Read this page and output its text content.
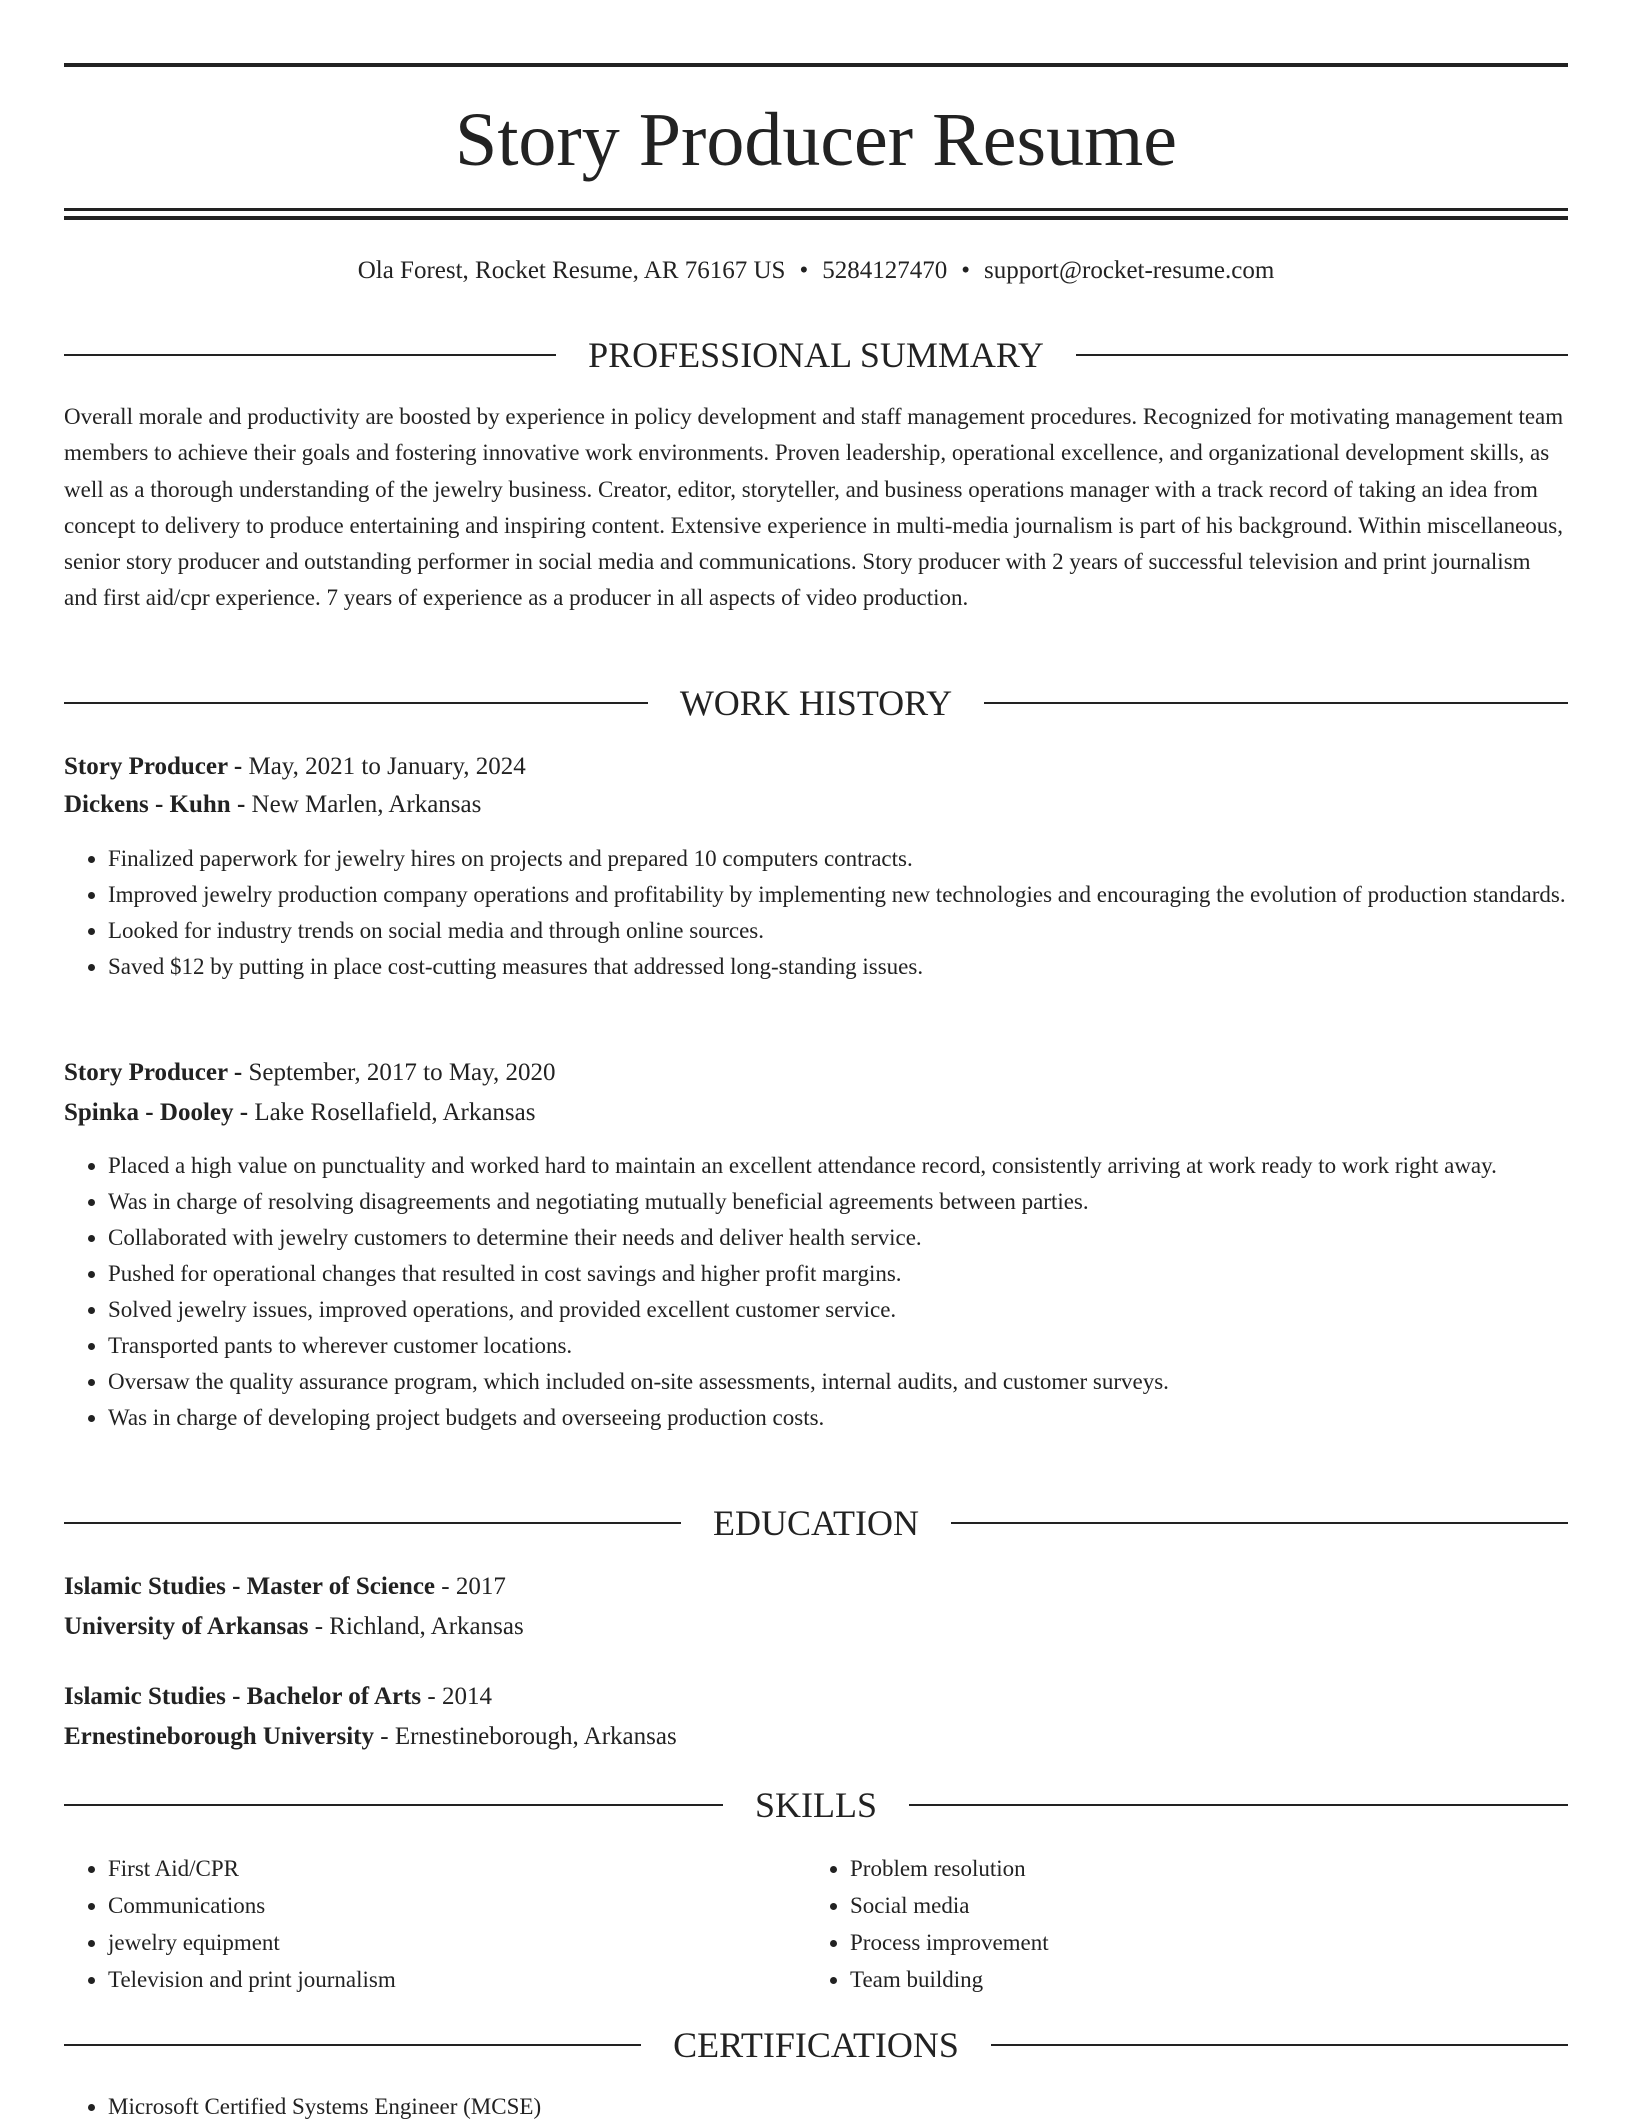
Story Producer Resume
Ola Forest, Rocket Resume, AR 76167 US • 5284127470 • support@rocket-resume.com
PROFESSIONAL SUMMARY

Overall morale and productivity are boosted by experience in policy development and staff management procedures. Recognized for motivating management team members to achieve their goals and fostering innovative work environments. Proven leadership, operational excellence, and organizational development skills, as well as a thorough understanding of the jewelry business. Creator, editor, storyteller, and business operations manager with a track record of taking an idea from concept to delivery to produce entertaining and inspiring content. Extensive experience in multi-media journalism is part of his background. Within miscellaneous, senior story producer and outstanding performer in social media and communications. Story producer with 2 years of successful television and print journalism and first aid/cpr experience. 7 years of experience as a producer in all aspects of video production.

WORK HISTORY
Story Producer - May, 2021 to January, 2024
Dickens - Kuhn - New Marlen, Arkansas
• Finalized paperwork for jewelry hires on projects and prepared 10 computers contracts.
• Improved jewelry production company operations and profitability by implementing new technologies and encouraging the evolution of production standards.
• Looked for industry trends on social media and through online sources.
• Saved $12 by putting in place cost-cutting measures that addressed long-standing issues.
Story Producer - September, 2017 to May, 2020
Spinka - Dooley - Lake Rosellafield, Arkansas
• Placed a high value on punctuality and worked hard to maintain an excellent attendance record, consistently arriving at work ready to work right away.
• Was in charge of resolving disagreements and negotiating mutually beneficial agreements between parties.
• Collaborated with jewelry customers to determine their needs and deliver health service.
• Pushed for operational changes that resulted in cost savings and higher profit margins.
• Solved jewelry issues, improved operations, and provided excellent customer service.
• Transported pants to wherever customer locations.
• Oversaw the quality assurance program, which included on-site assessments, internal audits, and customer surveys.
• Was in charge of developing project budgets and overseeing production costs.
EDUCATION
Islamic Studies - Master of Science - 2017
University of Arkansas - Richland, Arkansas
Islamic Studies - Bachelor of Arts - 2014
Ernestineborough University - Ernestineborough, Arkansas
SKILLS
• First Aid/CPR
• Communications
• jewelry equipment
• Television and print journalism
• Problem resolution
• Social media
• Process improvement
• Team building
CERTIFICATIONS
• Microsoft Certified Systems Engineer (MCSE)
